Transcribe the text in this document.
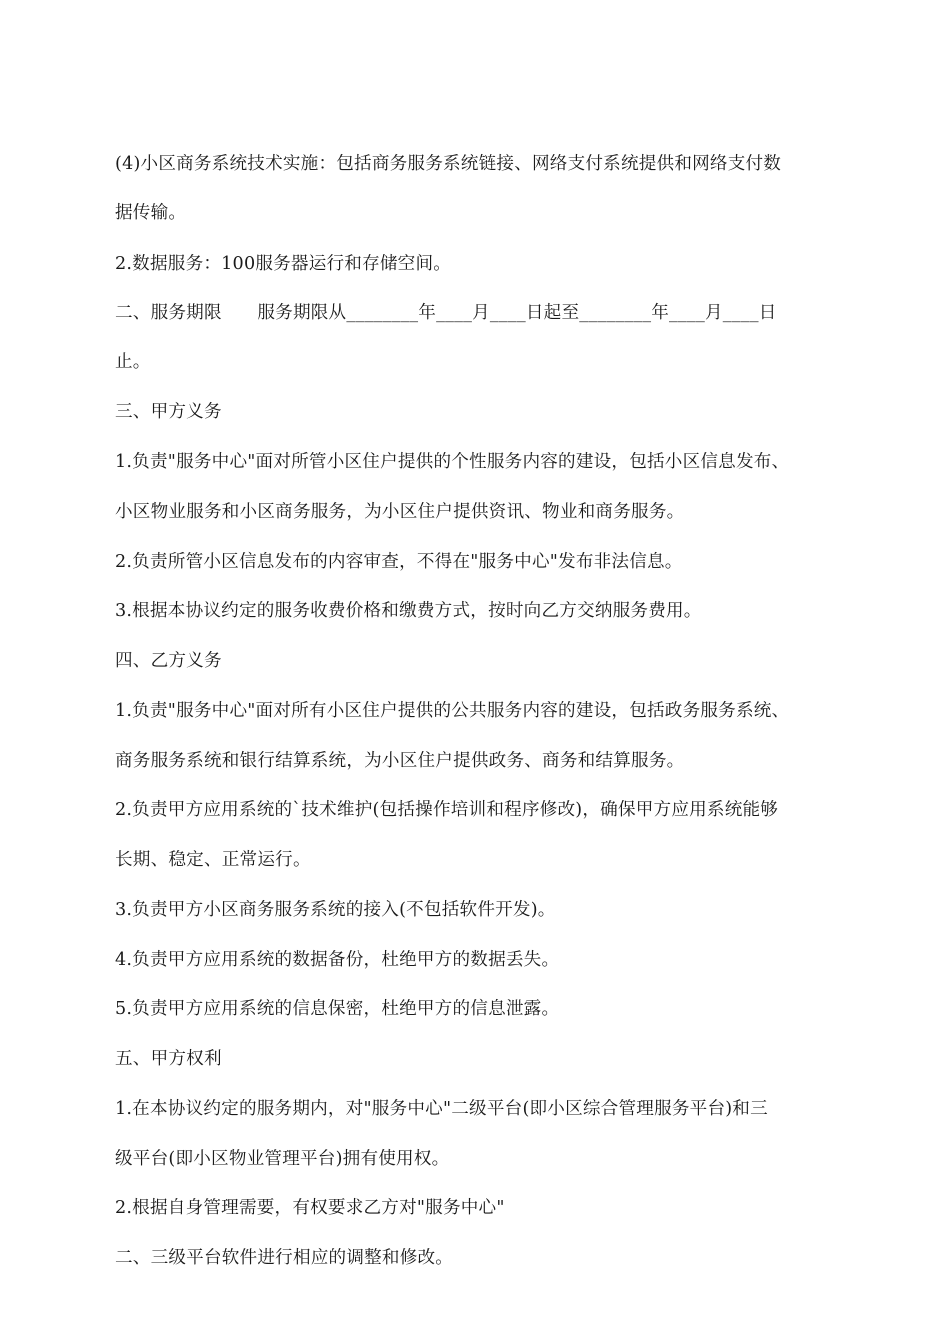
(4)小区商务系统技术实施：包括商务服务系统链接、网络支付系统提供和网络支付数
据传输。
2.数据服务：100服务器运行和存储空间。
二、服务期限　　服务期限从________年____月____日起至________年____月____日
止。
三、甲方义务
1.负责"服务中心"面对所管小区住户提供的个性服务内容的建设，包括小区信息发布、
小区物业服务和小区商务服务，为小区住户提供资讯、物业和商务服务。
2.负责所管小区信息发布的内容审查，不得在"服务中心"发布非法信息。
3.根据本协议约定的服务收费价格和缴费方式，按时向乙方交纳服务费用。
四、乙方义务
1.负责"服务中心"面对所有小区住户提供的公共服务内容的建设，包括政务服务系统、
商务服务系统和银行结算系统，为小区住户提供政务、商务和结算服务。
2.负责甲方应用系统的`技术维护(包括操作培训和程序修改)，确保甲方应用系统能够
长期、稳定、正常运行。
3.负责甲方小区商务服务系统的接入(不包括软件开发)。
4.负责甲方应用系统的数据备份，杜绝甲方的数据丢失。
5.负责甲方应用系统的信息保密，杜绝甲方的信息泄露。
五、甲方权利
1.在本协议约定的服务期内，对"服务中心"二级平台(即小区综合管理服务平台)和三
级平台(即小区物业管理平台)拥有使用权。
2.根据自身管理需要，有权要求乙方对"服务中心"
二、三级平台软件进行相应的调整和修改。
